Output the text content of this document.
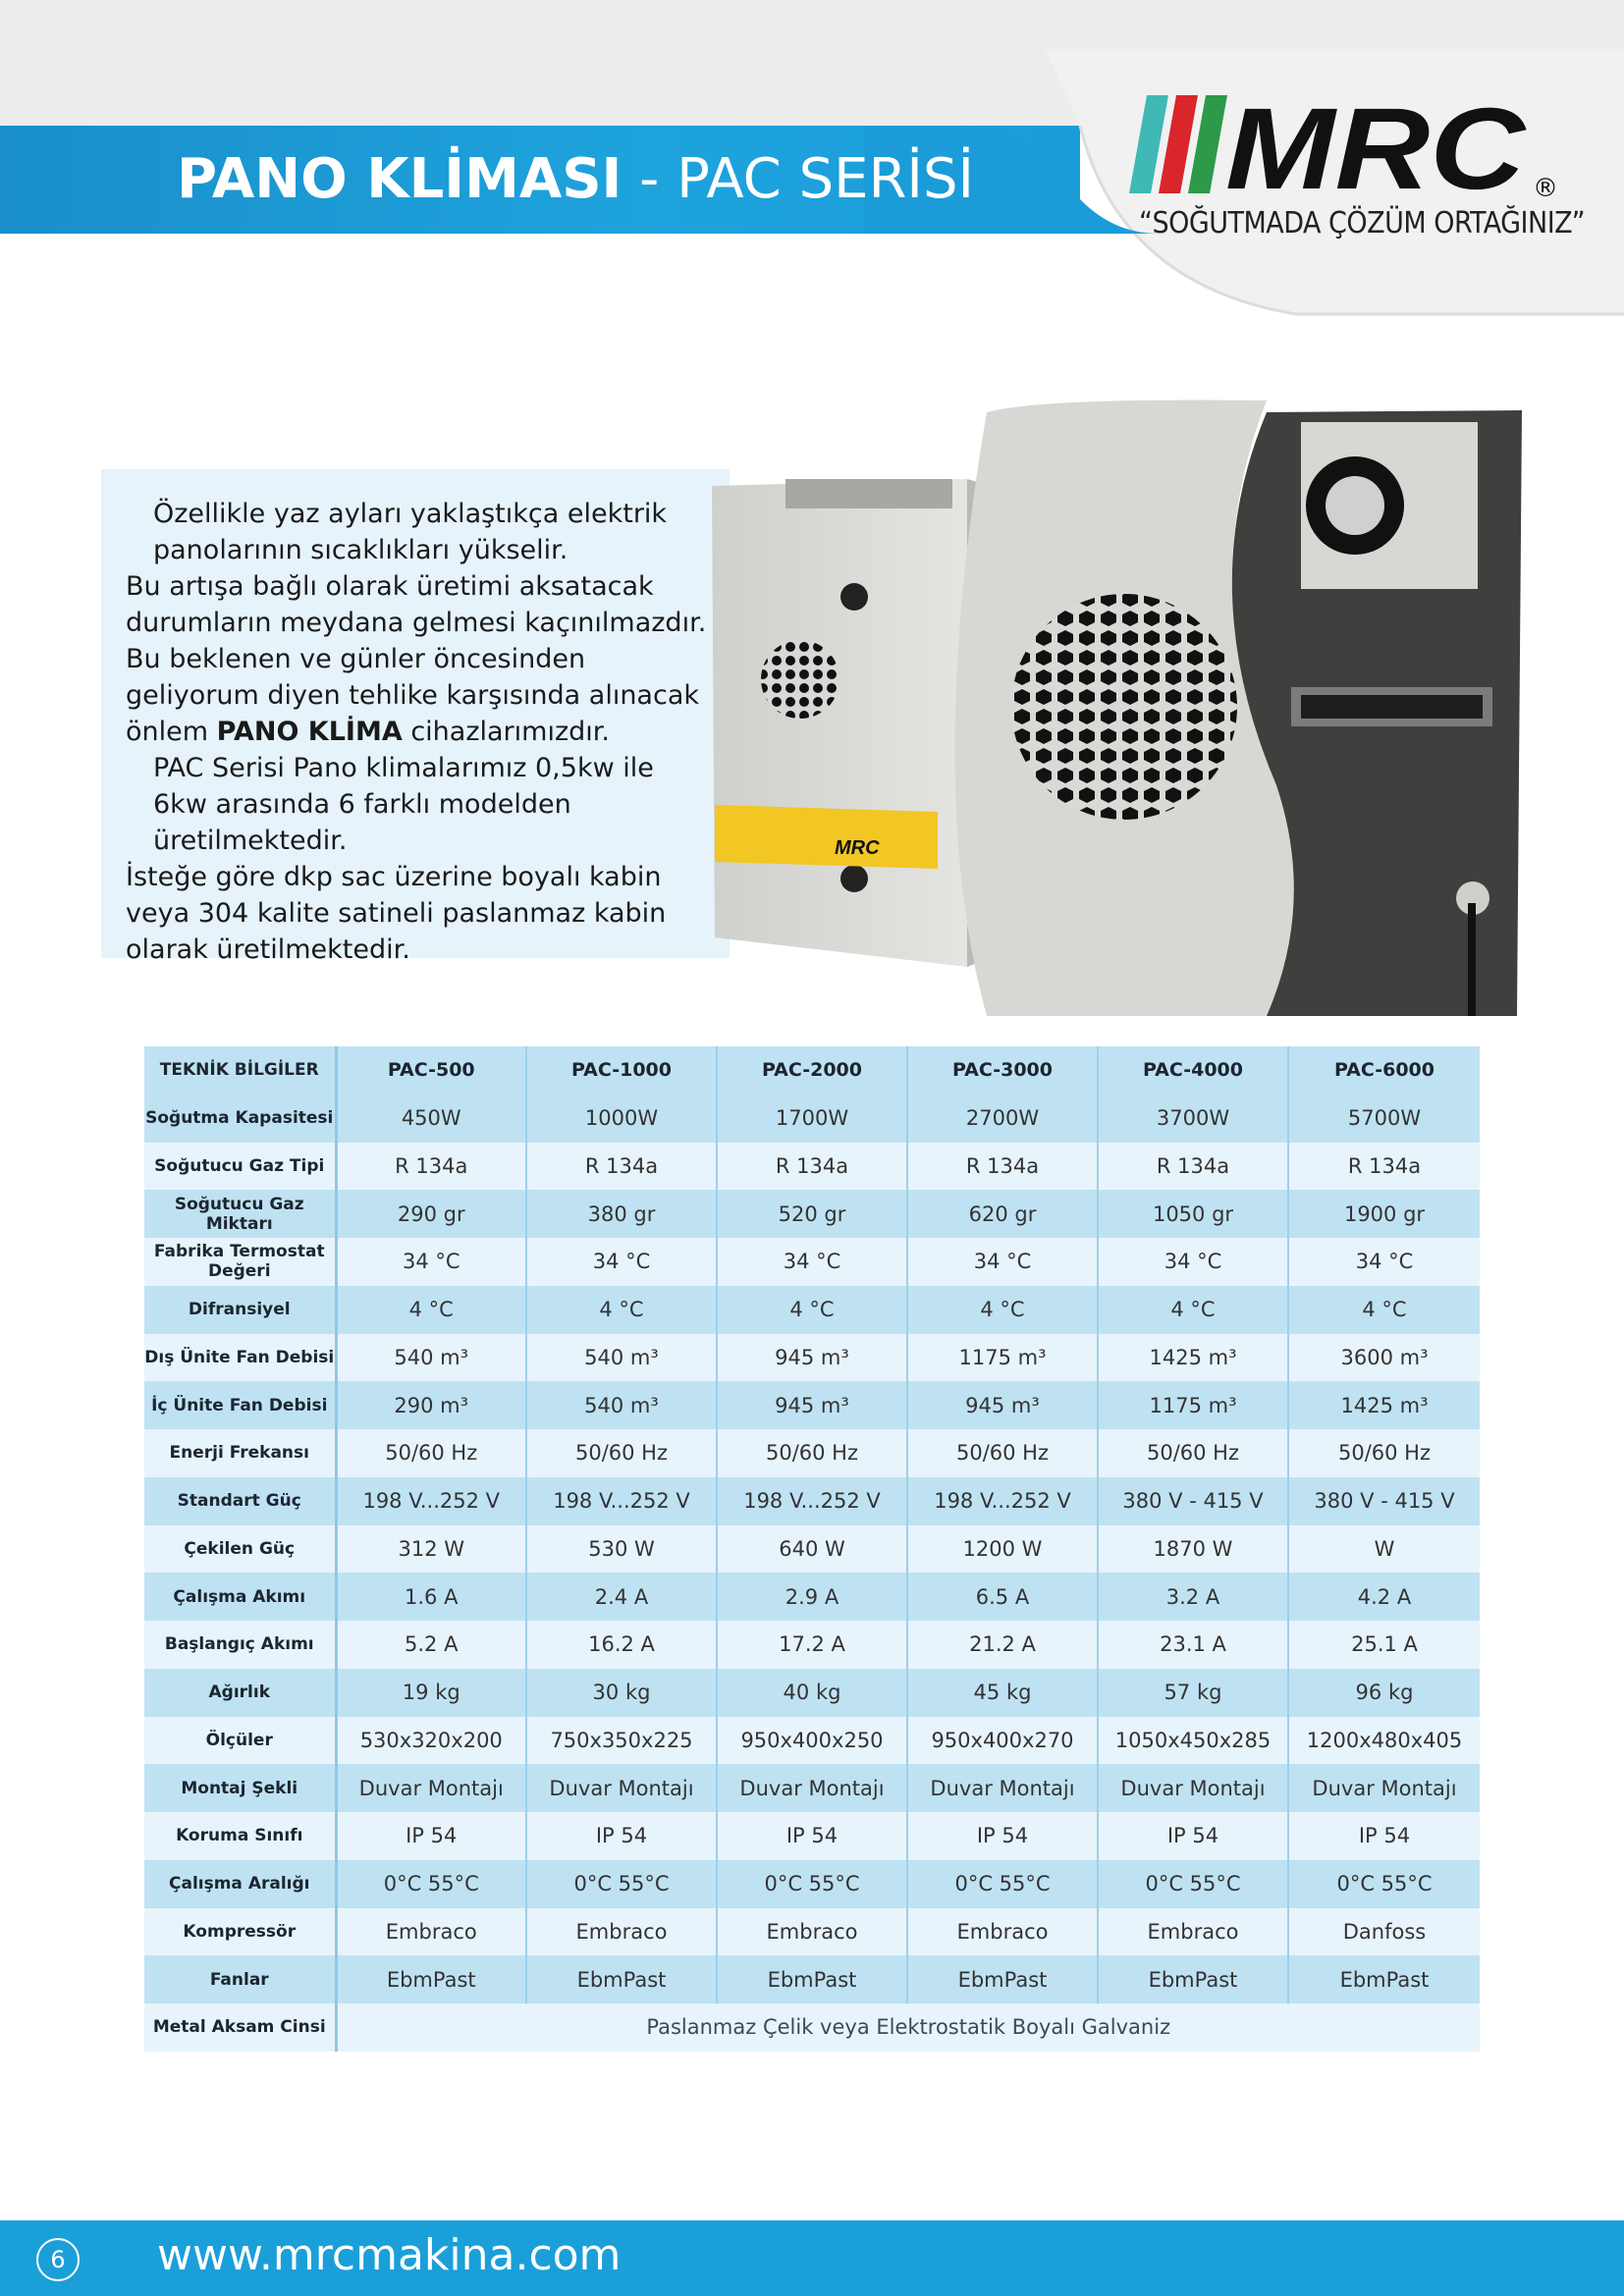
PANO KLİMASI - PAC SERİSİ MRC ®
“SOĞUTMADA ÇÖZÜM ORTAĞINIZ”

Özellikle yaz ayları yaklaştıkça elektrik panolarının sıcaklıkları yükselir.

Bu artışa bağlı olarak üretimi aksatacak durumların meydana gelmesi kaçınılmazdır.

Bu beklenen ve günler öncesinden geliyorum diyen tehlike karşısında alınacak önlem PANO KLİMA cihazlarımızdır.

PAC Serisi Pano klimalarımız 0,5kw ile 6kw arasında 6 farklı modelden üretilmektedir.

İsteğe göre dkp sac üzerine boyalı kabin veya 304 kalite satineli paslanmaz kabin olarak üretilmektedir.

MRC
TEKNİK BİLGİLER	PAC-500	PAC-1000	PAC-2000	PAC-3000	PAC-4000	PAC-6000
Soğutma Kapasitesi	450W	1000W	1700W	2700W	3700W	5700W
Soğutucu Gaz Tipi	R 134a	R 134a	R 134a	R 134a	R 134a	R 134a
Soğutucu Gaz Miktarı	290 gr	380 gr	520 gr	620 gr	1050 gr	1900 gr
Fabrika Termostat Değeri	34 °C	34 °C	34 °C	34 °C	34 °C	34 °C
Difransiyel	4 °C	4 °C	4 °C	4 °C	4 °C	4 °C
Dış Ünite Fan Debisi	540 m³	540 m³	945 m³	1175 m³	1425 m³	3600 m³
İç Ünite Fan Debisi	290 m³	540 m³	945 m³	945 m³	1175 m³	1425 m³
Enerji Frekansı	50/60 Hz	50/60 Hz	50/60 Hz	50/60 Hz	50/60 Hz	50/60 Hz
Standart Güç	198 V...252 V	198 V...252 V	198 V...252 V	198 V...252 V	380 V - 415 V	380 V - 415 V
Çekilen Güç	312 W	530 W	640 W	1200 W	1870 W	W
Çalışma Akımı	1.6 A	2.4 A	2.9 A	6.5 A	3.2 A	4.2 A
Başlangıç Akımı	5.2 A	16.2 A	17.2 A	21.2 A	23.1 A	25.1 A
Ağırlık	19 kg	30 kg	40 kg	45 kg	57 kg	96 kg
Ölçüler	530x320x200	750x350x225	950x400x250	950x400x270	1050x450x285	1200x480x405
Montaj Şekli	Duvar Montajı	Duvar Montajı	Duvar Montajı	Duvar Montajı	Duvar Montajı	Duvar Montajı
Koruma Sınıfı	IP 54	IP 54	IP 54	IP 54	IP 54	IP 54
Çalışma Aralığı	0°C 55°C	0°C 55°C	0°C 55°C	0°C 55°C	0°C 55°C	0°C 55°C
Kompressör	Embraco	Embraco	Embraco	Embraco	Embraco	Danfoss
Fanlar	EbmPast	EbmPast	EbmPast	EbmPast	EbmPast	EbmPast
Metal Aksam Cinsi	Paslanmaz Çelik veya Elektrostatik Boyalı Galvaniz					
6	www.mrcmakina.com
